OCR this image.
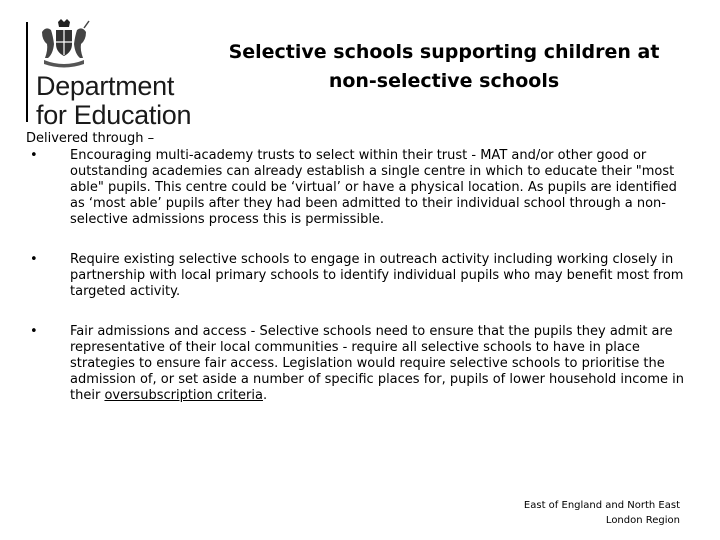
Department
for Education
Selective schools supporting children at
non-selective schools
Delivered through –
•	Encouraging multi-academy trusts to select within their trust - MAT and/or other good or outstanding academies can already establish a single centre in which to educate their "most able" pupils. This centre could be ‘virtual’ or have a physical location. As pupils are identified as ‘most able’ pupils after they had been admitted to their individual school through a non-selective admissions process this is permissible.
•	Require existing selective schools to engage in outreach activity including working closely in partnership with local primary schools to identify individual pupils who may benefit most from targeted activity.
•	Fair admissions and access - Selective schools need to ensure that the pupils they admit are representative of their local communities - require all selective schools to have in place strategies to ensure fair access. Legislation would require selective schools to prioritise the admission of, or set aside a number of specific places for, pupils of lower household income in their oversubscription criteria.
East of England and North East
London Region
